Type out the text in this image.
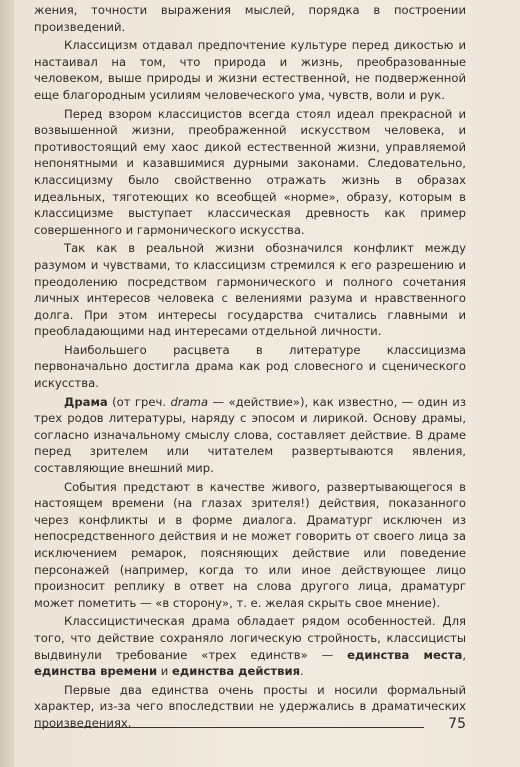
жения, точности выражения мыслей, порядка в построении произведений.

Классицизм отдавал предпочтение культуре перед дикостью и настаивал на том, что природа и жизнь, преобразованные человеком, выше природы и жизни естественной, не подверженной еще благородным усилиям человеческого ума, чувств, воли и рук.

Перед взором классицистов всегда стоял идеал прекрасной и возвышенной жизни, преображенной искусством человека, и противостоящий ему хаос дикой естественной жизни, управляемой непонятными и казавшимися дурными законами. Следовательно, классицизму было свойственно отражать жизнь в образах идеальных, тяготеющих ко всеобщей «норме», образу, которым в классицизме выступает классическая древность как пример совершенного и гармонического искусства.

Так как в реальной жизни обозначился конфликт между разумом и чувствами, то классицизм стремился к его разрешению и преодолению посредством гармонического и полного сочетания личных интересов человека с велениями разума и нравственного долга. При этом интересы государства считались главными и преобладающими над интересами отдельной личности.

Наибольшего расцвета в литературе классицизма первоначально достигла драма как род словесного и сценического искусства.

Драма (от греч. drama — «действие»), как известно, — один из трех родов литературы, наряду с эпосом и лирикой. Основу драмы, согласно изначальному смыслу слова, составляет действие. В драме перед зрителем или читателем развертываются явления, составляющие внешний мир.

События предстают в качестве живого, развертывающегося в настоящем времени (на глазах зрителя!) действия, показанного через конфликты и в форме диалога. Драматург исключен из непосредственного действия и не может говорить от своего лица за исключением ремарок, поясняющих действие или поведение персонажей (например, когда то или иное действующее лицо произносит реплику в ответ на слова другого лица, драматург может пометить — «в сторону», т. е. желая скрыть свое мнение).

Классицистическая драма обладает рядом особенностей. Для того, что действие сохраняло логическую стройность, классицисты выдвинули требование «трех единств» — единства места, единства времени и единства действия.

Первые два единства очень просты и носили формальный характер, из-за чего впоследствии не удержались в драматических произведениях.	75
